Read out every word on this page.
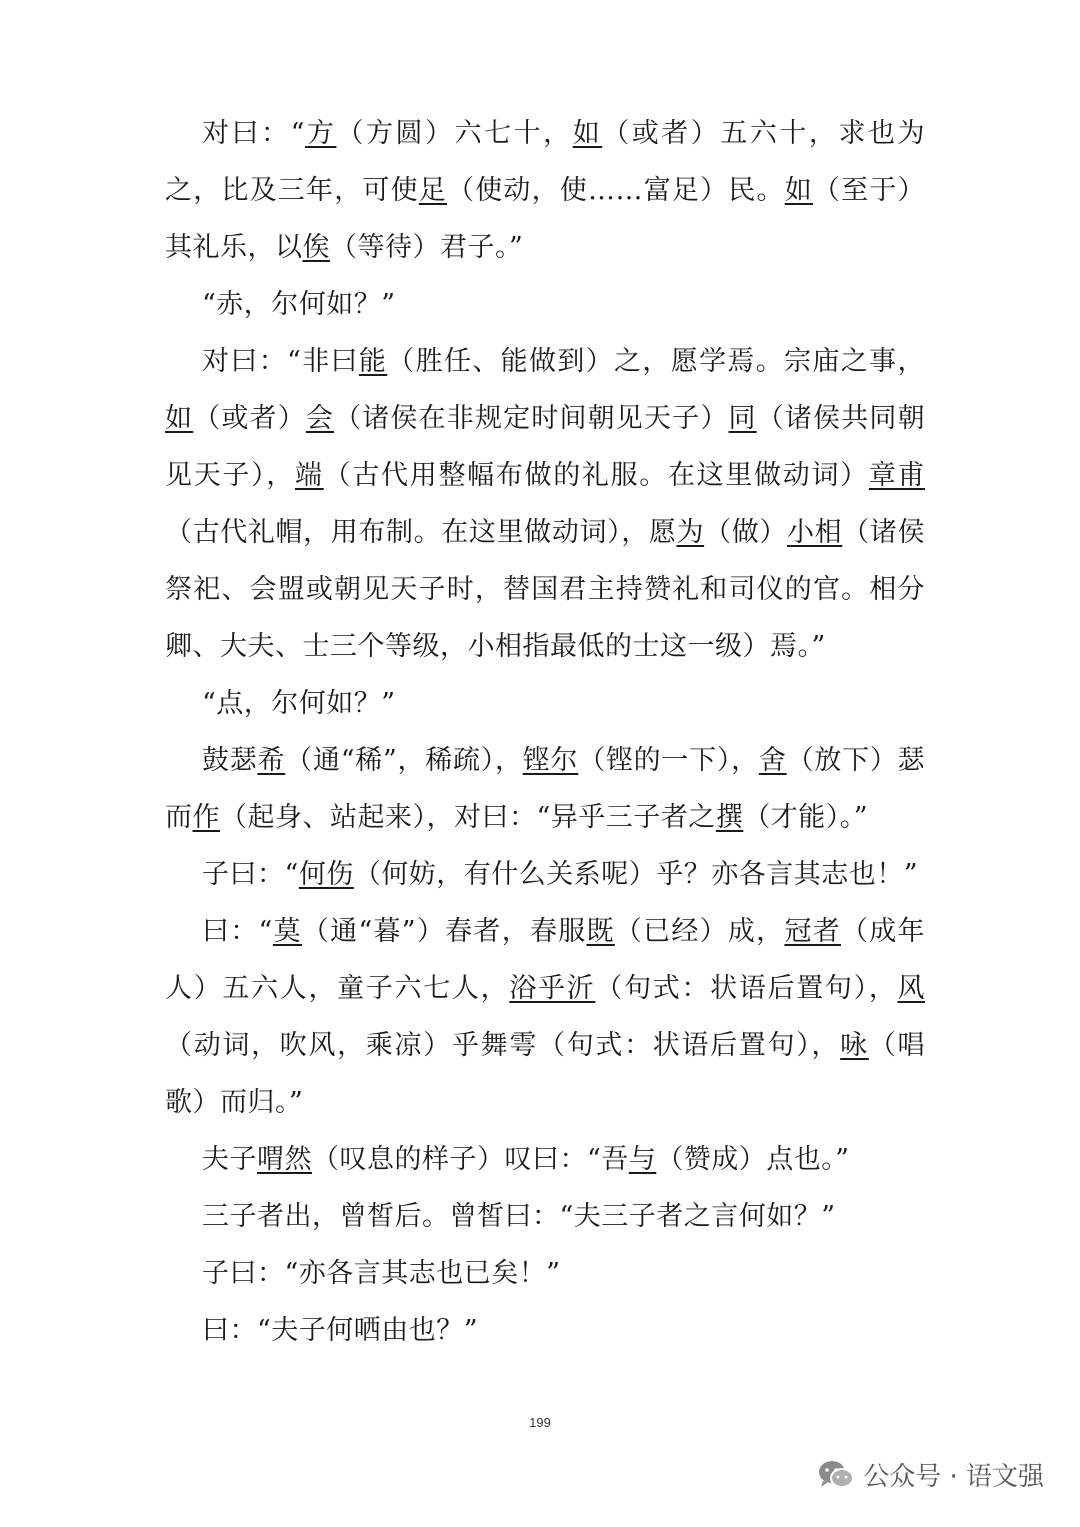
对曰：“方（方圆）六七十，如（或者）五六十，求也为之，比及三年，可使足（使动，使……富足）民。如（至于）其礼乐，以俟（等待）君子。”

“赤，尔何如？”

对曰：“非曰能（胜任、能做到）之，愿学焉。宗庙之事，如（或者）会（诸侯在非规定时间朝见天子）同（诸侯共同朝见天子），端（古代用整幅布做的礼服。在这里做动词）章甫（古代礼帽，用布制。在这里做动词），愿为（做）小相（诸侯祭祀、会盟或朝见天子时，替国君主持赞礼和司仪的官。相分卿、大夫、士三个等级，小相指最低的士这一级）焉。”

“点，尔何如？”

鼓瑟希（通“稀”，稀疏），铿尔（铿的一下），舍（放下）瑟而作（起身、站起来），对曰：“异乎三子者之撰（才能）。”

子曰：“何伤（何妨，有什么关系呢）乎？亦各言其志也！”

曰：“莫（通“暮”）春者，春服既（已经）成，冠者（成年人）五六人，童子六七人，浴乎沂（句式：状语后置句），风（动词，吹风，乘凉）乎舞雩（句式：状语后置句），咏（唱歌）而归。”

夫子喟然（叹息的样子）叹曰：“吾与（赞成）点也。”

三子者出，曾皙后。曾皙曰：“夫三子者之言何如？”

子曰：“亦各言其志也已矣！”

曰：“夫子何哂由也？”

199
公众号 · 语文强
